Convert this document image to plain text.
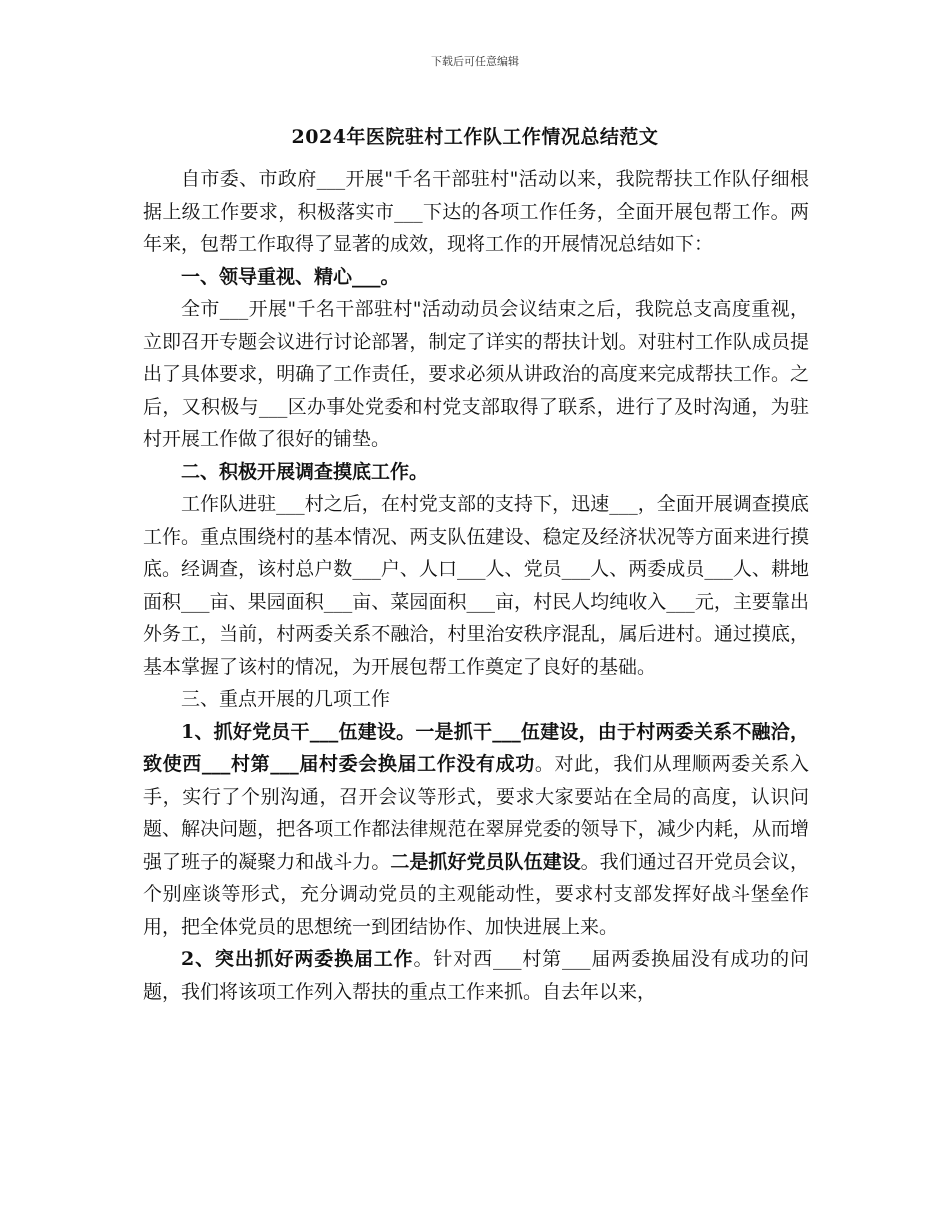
下载后可任意编辑
2024年医院驻村工作队工作情况总结范文

自市委、市政府___开展"千名干部驻村"活动以来，我院帮扶工作队仔细根据上级工作要求，积极落实市___下达的各项工作任务，全面开展包帮工作。两年来，包帮工作取得了显著的成效，现将工作的开展情况总结如下：

一、领导重视、精心___。

全市___开展"千名干部驻村"活动动员会议结束之后，我院总支高度重视，立即召开专题会议进行讨论部署，制定了详实的帮扶计划。对驻村工作队成员提出了具体要求，明确了工作责任，要求必须从讲政治的高度来完成帮扶工作。之后，又积极与___区办事处党委和村党支部取得了联系，进行了及时沟通，为驻村开展工作做了很好的铺垫。

二、积极开展调查摸底工作。

工作队进驻___村之后，在村党支部的支持下，迅速___，全面开展调查摸底工作。重点围绕村的基本情况、两支队伍建设、稳定及经济状况等方面来进行摸底。经调查，该村总户数___户、人口___人、党员___人、两委成员___人、耕地面积___亩、果园面积___亩、菜园面积___亩，村民人均纯收入___元，主要靠出外务工，当前，村两委关系不融洽，村里治安秩序混乱，属后进村。通过摸底，基本掌握了该村的情况，为开展包帮工作奠定了良好的基础。

三、重点开展的几项工作

1、抓好党员干___伍建设。一是抓干___伍建设，由于村两委关系不融洽，致使西___村第___届村委会换届工作没有成功。对此，我们从理顺两委关系入手，实行了个别沟通，召开会议等形式，要求大家要站在全局的高度，认识问题、解决问题，把各项工作都法律规范在翠屏党委的领导下，减少内耗，从而增强了班子的凝聚力和战斗力。二是抓好党员队伍建设。我们通过召开党员会议，个别座谈等形式，充分调动党员的主观能动性，要求村支部发挥好战斗堡垒作用，把全体党员的思想统一到团结协作、加快进展上来。

2、突出抓好两委换届工作。针对西___村第___届两委换届没有成功的问题，我们将该项工作列入帮扶的重点工作来抓。自去年以来，
